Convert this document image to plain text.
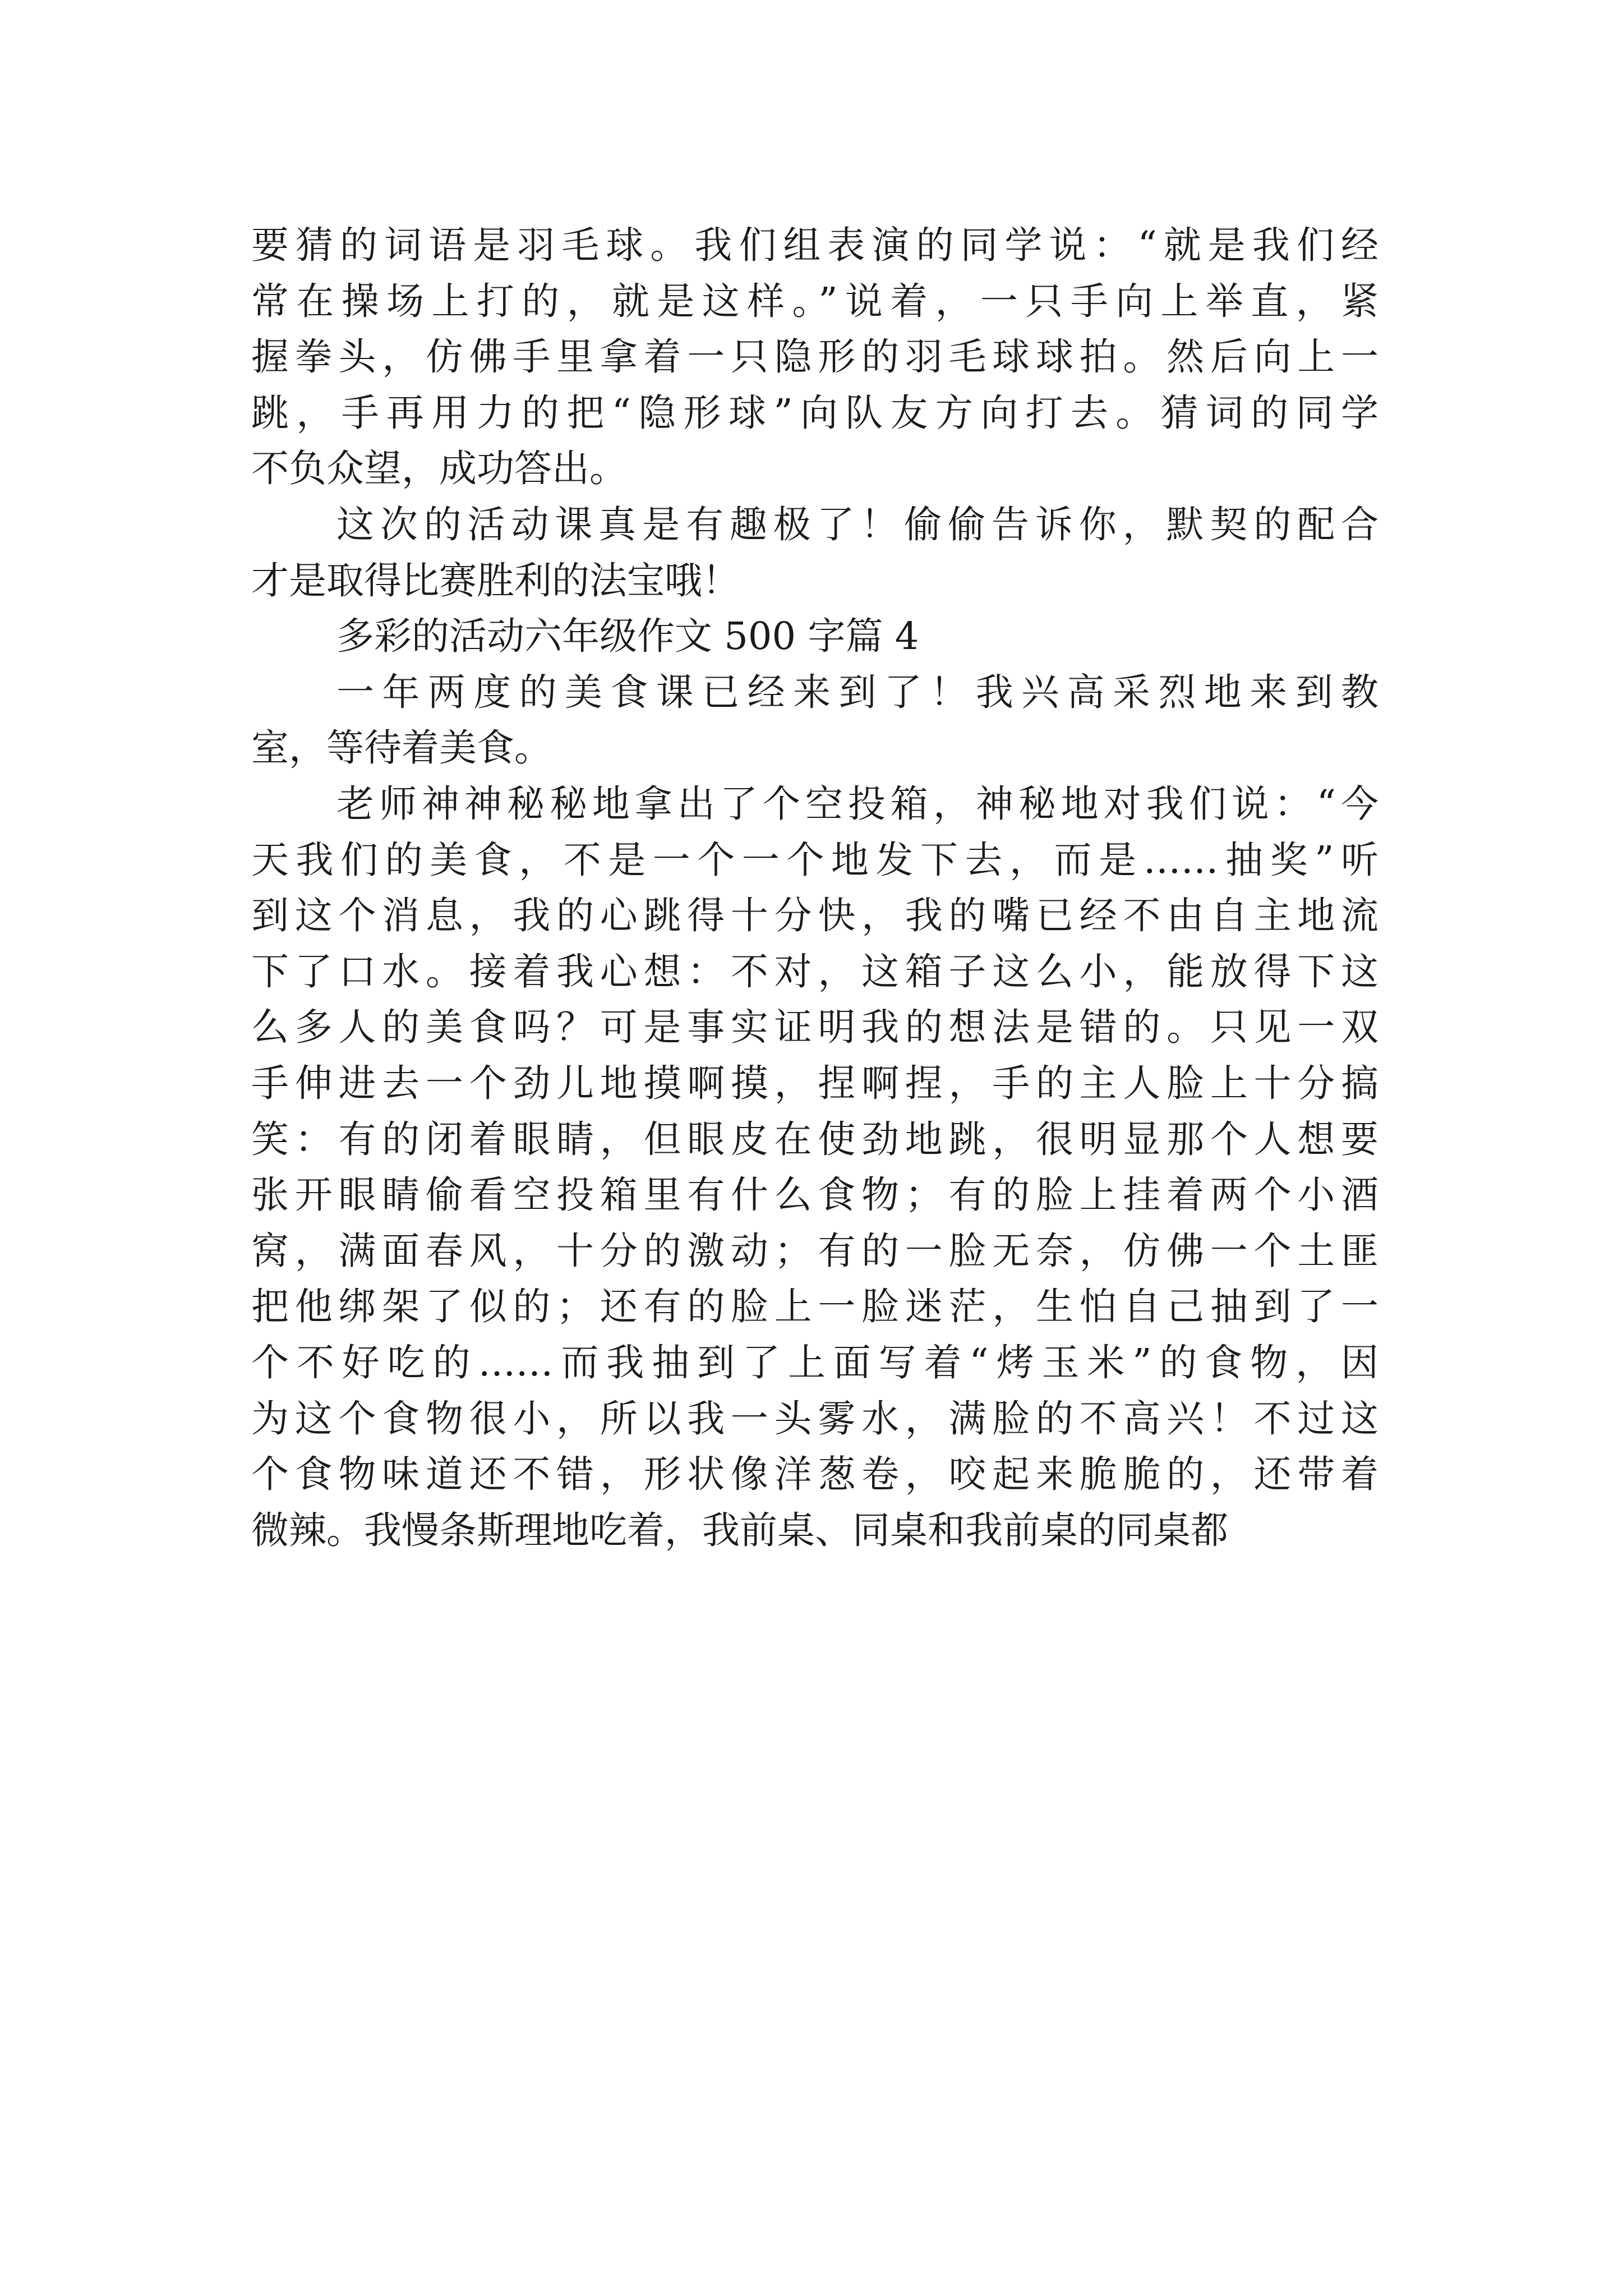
要猜的词语是羽毛球。我们组表演的同学说：“就是我们经
常在操场上打的，就是这样。”说着，一只手向上举直，紧
握拳头，仿佛手里拿着一只隐形的羽毛球球拍。然后向上一
跳，手再用力的把“隐形球”向队友方向打去。猜词的同学
不负众望，成功答出。
这次的活动课真是有趣极了！偷偷告诉你，默契的配合
才是取得比赛胜利的法宝哦！
多彩的活动六年级作文 500 字篇 4
一年两度的美食课已经来到了！我兴高采烈地来到教
室，等待着美食。
老师神神秘秘地拿出了个空投箱，神秘地对我们说：“今
天我们的美食，不是一个一个地发下去，而是……抽奖”听
到这个消息，我的心跳得十分快，我的嘴已经不由自主地流
下了口水。接着我心想：不对，这箱子这么小，能放得下这
么多人的美食吗？可是事实证明我的想法是错的。只见一双
手伸进去一个劲儿地摸啊摸，捏啊捏，手的主人脸上十分搞
笑：有的闭着眼睛，但眼皮在使劲地跳，很明显那个人想要
张开眼睛偷看空投箱里有什么食物；有的脸上挂着两个小酒
窝，满面春风，十分的激动；有的一脸无奈，仿佛一个土匪
把他绑架了似的；还有的脸上一脸迷茫，生怕自己抽到了一
个不好吃的……而我抽到了上面写着“烤玉米”的食物，因
为这个食物很小，所以我一头雾水，满脸的不高兴！不过这
个食物味道还不错，形状像洋葱卷，咬起来脆脆的，还带着
微辣。我慢条斯理地吃着，我前桌、同桌和我前桌的同桌都
